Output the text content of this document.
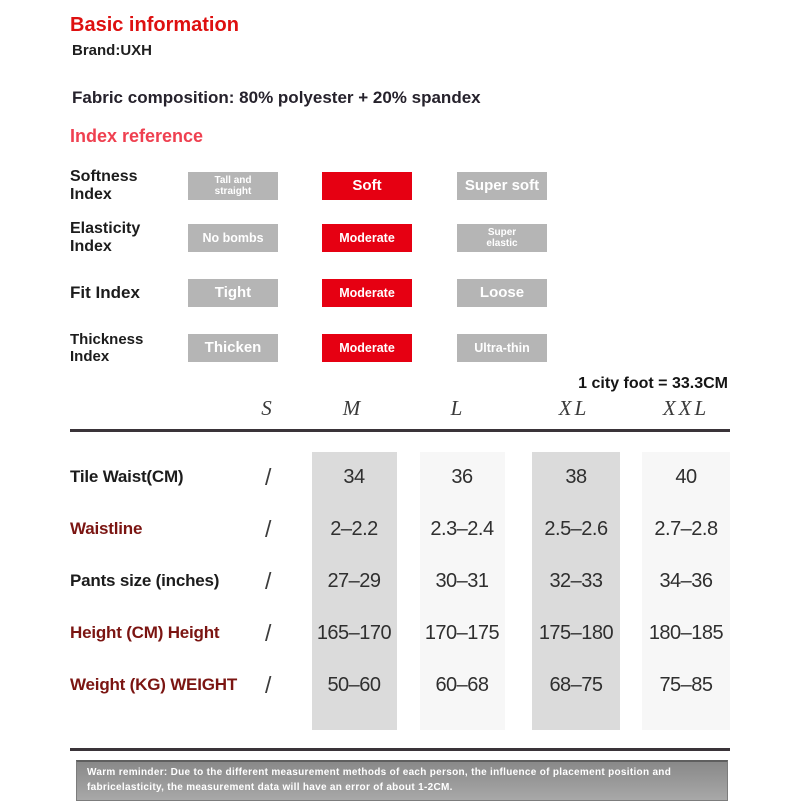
Basic information
Brand:UXH
Fabric composition: 80% polyester + 20% spandex
Index reference
Softness Index
Tall and straight	Soft	Super soft
Elasticity Index
No bombs	Moderate	Super elastic
Fit Index	Tight	Moderate	Loose
Thickness Index
Thicken	Moderate	Ultra-thin
1 city foot = 33.3CM
S	M	L	XL	XXL
Tile Waist(CM)	/	34	36	38	40
Waistline	/	2–2.2	2.3–2.4	2.5–2.6 2.7–2.8
Pants size (inches) /	27–29	30–31	32–33	34–36
Height (CM) Height / 165–170 170–175 175–180 180–185
Weight (KG) WEIGHT /	50–60	60–68	68–75	75–85
Warm reminder: Due to the different measurement methods of each person, the influence of placement position and fabricelasticity, the measurement data will have an error of about 1-2CM.
